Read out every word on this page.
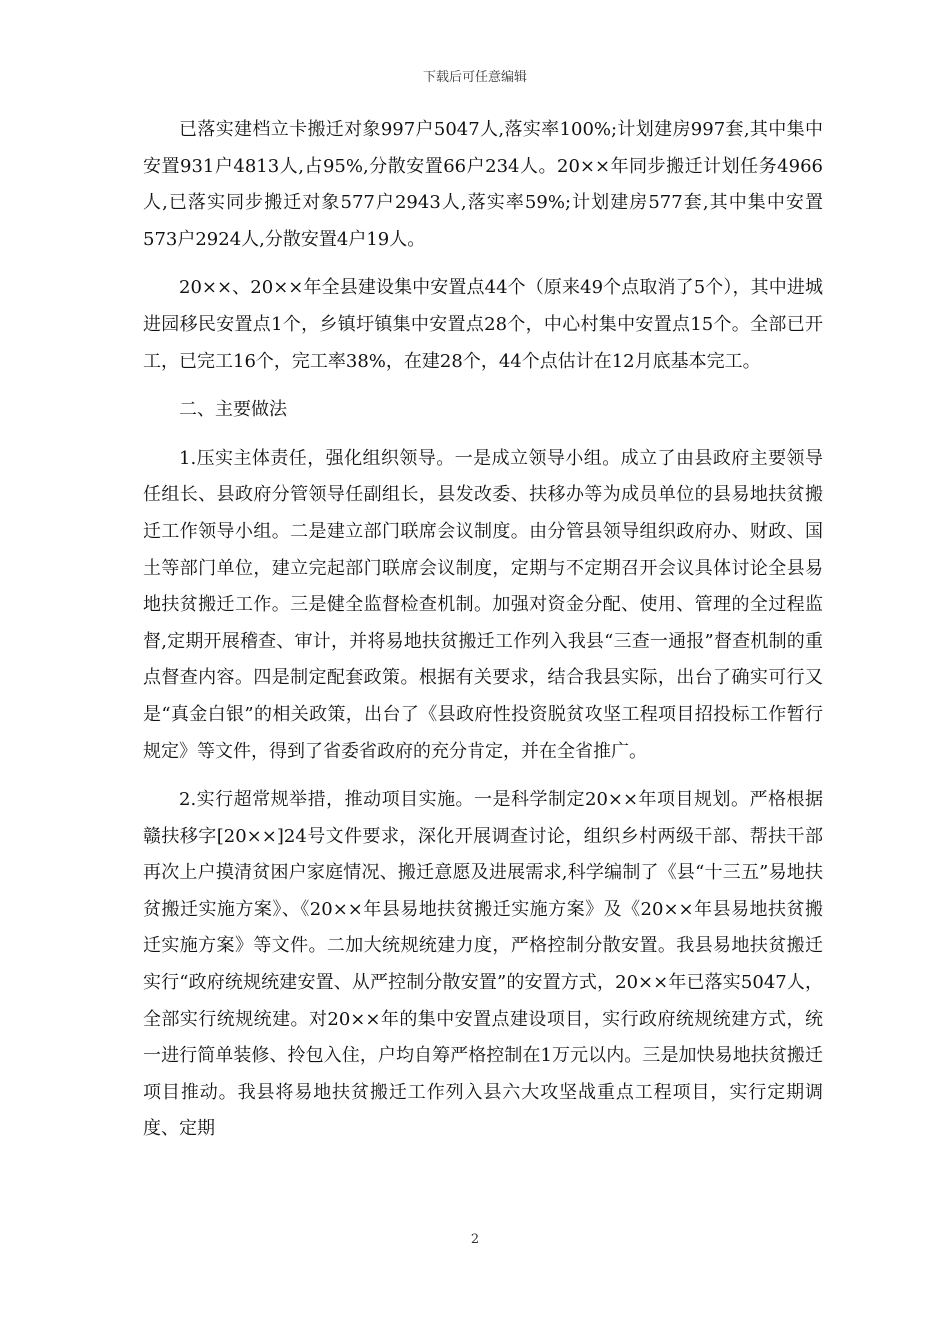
下载后可任意编辑

已落实建档立卡搬迁对象997户5047人,落实率100%;计划建房997套,其中集中安置931户4813人,占95%,分散安置66户234人。20××年同步搬迁计划任务4966人,已落实同步搬迁对象577户2943人,落实率59%;计划建房577套,其中集中安置573户2924人,分散安置4户19人。

20××、20××年全县建设集中安置点44个（原来49个点取消了5个），其中进城进园移民安置点1个，乡镇圩镇集中安置点28个，中心村集中安置点15个。全部已开工，已完工16个，完工率38%，在建28个，44个点估计在12月底基本完工。

二、主要做法

1.压实主体责任，强化组织领导。一是成立领导小组。成立了由县政府主要领导任组长、县政府分管领导任副组长，县发改委、扶移办等为成员单位的县易地扶贫搬迁工作领导小组。二是建立部门联席会议制度。由分管县领导组织政府办、财政、国土等部门单位，建立完起部门联席会议制度，定期与不定期召开会议具体讨论全县易地扶贫搬迁工作。三是健全监督检查机制。加强对资金分配、使用、管理的全过程监督,定期开展稽查、审计，并将易地扶贫搬迁工作列入我县“三查一通报”督查机制的重点督查内容。四是制定配套政策。根据有关要求，结合我县实际，出台了确实可行又是“真金白银”的相关政策，出台了《县政府性投资脱贫攻坚工程项目招投标工作暂行规定》等文件，得到了省委省政府的充分肯定，并在全省推广。

2.实行超常规举措，推动项目实施。一是科学制定20××年项目规划。严格根据赣扶移字[20××]24号文件要求，深化开展调查讨论，组织乡村两级干部、帮扶干部再次上户摸清贫困户家庭情况、搬迁意愿及进展需求,科学编制了《县“十三五”易地扶贫搬迁实施方案》、《20××年县易地扶贫搬迁实施方案》及《20××年县易地扶贫搬迁实施方案》等文件。二加大统规统建力度，严格控制分散安置。我县易地扶贫搬迁实行“政府统规统建安置、从严控制分散安置”的安置方式，20××年已落实5047人，全部实行统规统建。对20××年的集中安置点建设项目，实行政府统规统建方式，统一进行简单装修、拎包入住，户均自筹严格控制在1万元以内。三是加快易地扶贫搬迁项目推动。我县将易地扶贫搬迁工作列入县六大攻坚战重点工程项目，实行定期调度、定期

2
